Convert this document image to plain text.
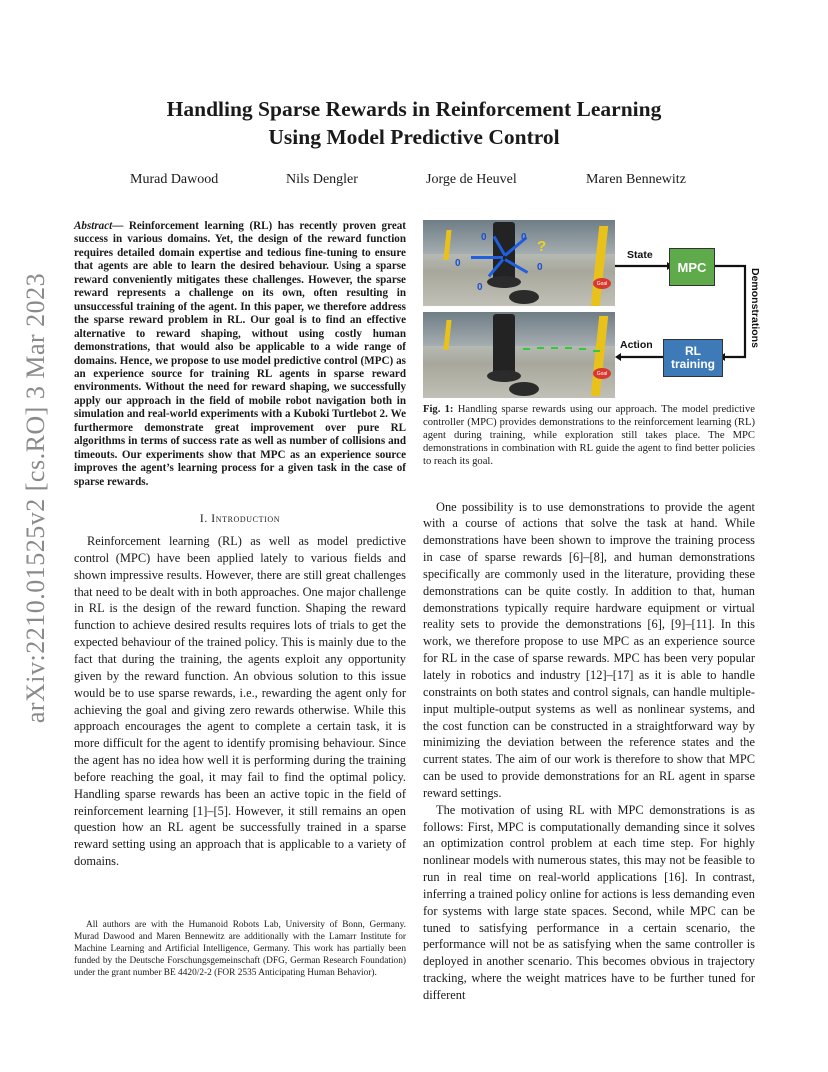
arXiv:2210.01525v2 [cs.RO] 3 Mar 2023
Handling Sparse Rewards in Reinforcement Learning
Using Model Predictive Control
Murad Dawood	Nils Dengler	Jorge de Heuvel	Maren Bennewitz

Abstract— Reinforcement learning (RL) has recently proven great success in various domains. Yet, the design of the reward function requires detailed domain expertise and tedious fine-tuning to ensure that agents are able to learn the desired behaviour. Using a sparse reward conveniently mitigates these challenges. However, the sparse reward represents a challenge on its own, often resulting in unsuccessful training of the agent. In this paper, we therefore address the sparse reward problem in RL. Our goal is to find an effective alternative to reward shaping, without using costly human demonstrations, that would also be applicable to a wide range of domains. Hence, we propose to use model predictive control (MPC) as an experience source for training RL agents in sparse reward environments. Without the need for reward shaping, we successfully apply our approach in the field of mobile robot navigation both in simulation and real-world experiments with a Kuboki Turtlebot 2. We furthermore demonstrate great improvement over pure RL algorithms in terms of success rate as well as number of collisions and timeouts. Our experiments show that MPC as an experience source improves the agent’s learning process for a given task in the case of sparse rewards.

I. Introduction

Reinforcement learning (RL) as well as model predictive control (MPC) have been applied lately to various fields and shown impressive results. However, there are still great challenges that need to be dealt with in both approaches. One major challenge in RL is the design of the reward function. Shaping the reward function to achieve desired results requires lots of trials to get the expected behaviour of the trained policy. This is mainly due to the fact that during the training, the agents exploit any opportunity given by the reward function. An obvious solution to this issue would be to use sparse rewards, i.e., rewarding the agent only for achieving the goal and giving zero rewards otherwise. While this approach encourages the agent to complete a certain task, it is more difficult for the agent to identify promising behaviour. Since the agent has no idea how well it is performing during the training before reaching the goal, it may fail to find the optimal policy. Handling sparse rewards has been an active topic in the field of reinforcement learning [1]–[5]. However, it still remains an open question how an RL agent be successfully trained in a sparse reward setting using an approach that is applicable to a variety of domains.

All authors are with the Humanoid Robots Lab, University of Bonn, Germany. Murad Dawood and Maren Bennewitz are additionally with the Lamarr Institute for Machine Learning and Artificial Intelligence, Germany. This work has partially been funded by the Deutsche Forschungsgemeinschaft (DFG, German Research Foundation) under the grant number BE 4420/2-2 (FOR 2535 Anticipating Human Behavior).

Goal
0	0
0	0
0
?
Goal
State
MPC
Demonstrations
Action	RL
training

Fig. 1: Handling sparse rewards using our approach. The model predictive controller (MPC) provides demonstrations to the reinforcement learning (RL) agent during training, while exploration still takes place. The MPC demonstrations in combination with RL guide the agent to find better policies to reach its goal.

One possibility is to use demonstrations to provide the agent with a course of actions that solve the task at hand. While demonstrations have been shown to improve the training process in case of sparse rewards [6]–[8], and human demonstrations specifically are commonly used in the literature, providing these demonstrations can be quite costly. In addition to that, human demonstrations typically require hardware equipment or virtual reality sets to provide the demonstrations [6], [9]–[11]. In this work, we therefore propose to use MPC as an experience source for RL in the case of sparse rewards. MPC has been very popular lately in robotics and industry [12]–[17] as it is able to handle constraints on both states and control signals, can handle multiple-input multiple-output systems as well as nonlinear systems, and the cost function can be constructed in a straightforward way by minimizing the deviation between the reference states and the current states. The aim of our work is therefore to show that MPC can be used to provide demonstrations for an RL agent in sparse reward settings.

The motivation of using RL with MPC demonstrations is as follows: First, MPC is computationally demanding since it solves an optimization control problem at each time step. For highly nonlinear models with numerous states, this may not be feasible to run in real time on real-world applications [16]. In contrast, inferring a trained policy online for actions is less demanding even for systems with large state spaces. Second, while MPC can be tuned to satisfying performance in a certain scenario, the performance will not be as satisfying when the same controller is deployed in another scenario. This becomes obvious in trajectory tracking, where the weight matrices have to be further tuned for different
